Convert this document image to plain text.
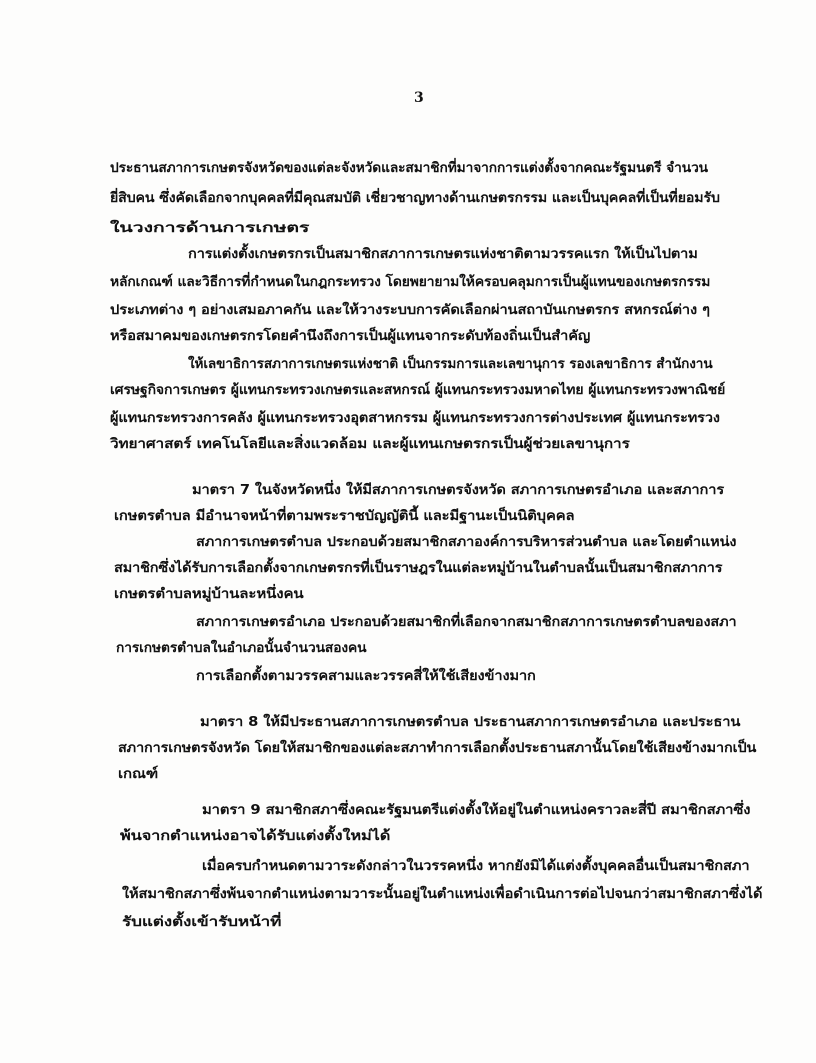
3
ประธานสภาการเกษตรจังหวัดของแต่ละจังหวัดและสมาชิกที่มาจากการแต่งตั้งจากคณะรัฐมนตรี จำนวน
ยี่สิบคน ซึ่งคัดเลือกจากบุคคลที่มีคุณสมบัติ เชี่ยวชาญทางด้านเกษตรกรรม และเป็นบุคคลที่เป็นที่ยอมรับ
ในวงการด้านการเกษตร
การแต่งตั้งเกษตรกรเป็นสมาชิกสภาการเกษตรแห่งชาติตามวรรคแรก ให้เป็นไปตาม
หลักเกณฑ์ และวิธีการที่กำหนดในกฎกระทรวง โดยพยายามให้ครอบคลุมการเป็นผู้แทนของเกษตรกรรม
ประเภทต่าง ๆ อย่างเสมอภาคกัน และให้วางระบบการคัดเลือกผ่านสถาบันเกษตรกร สหกรณ์ต่าง ๆ
หรือสมาคมของเกษตรกรโดยคำนึงถึงการเป็นผู้แทนจากระดับท้องถิ่นเป็นสำคัญ
ให้เลขาธิการสภาการเกษตรแห่งชาติ เป็นกรรมการและเลขานุการ รองเลขาธิการ สำนักงาน
เศรษฐกิจการเกษตร ผู้แทนกระทรวงเกษตรและสหกรณ์ ผู้แทนกระทรวงมหาดไทย ผู้แทนกระทรวงพาณิชย์
ผู้แทนกระทรวงการคลัง ผู้แทนกระทรวงอุตสาหกรรม ผู้แทนกระทรวงการต่างประเทศ ผู้แทนกระทรวง
วิทยาศาสตร์ เทคโนโลยีและสิ่งแวดล้อม และผู้แทนเกษตรกรเป็นผู้ช่วยเลขานุการ
มาตรา 7 ในจังหวัดหนึ่ง ให้มีสภาการเกษตรจังหวัด สภาการเกษตรอำเภอ และสภาการ
เกษตรตำบล มีอำนาจหน้าที่ตามพระราชบัญญัตินี้ และมีฐานะเป็นนิติบุคคล
สภาการเกษตรตำบล ประกอบด้วยสมาชิกสภาองค์การบริหารส่วนตำบล และโดยตำแหน่ง
สมาชิกซึ่งได้รับการเลือกตั้งจากเกษตรกรที่เป็นราษฎรในแต่ละหมู่บ้านในตำบลนั้นเป็นสมาชิกสภาการ
เกษตรตำบลหมู่บ้านละหนึ่งคน
สภาการเกษตรอำเภอ ประกอบด้วยสมาชิกที่เลือกจากสมาชิกสภาการเกษตรตำบลของสภา
การเกษตรตำบลในอำเภอนั้นจำนวนสองคน
การเลือกตั้งตามวรรคสามและวรรคสี่ให้ใช้เสียงข้างมาก
มาตรา 8 ให้มีประธานสภาการเกษตรตำบล ประธานสภาการเกษตรอำเภอ และประธาน
สภาการเกษตรจังหวัด โดยให้สมาชิกของแต่ละสภาทำการเลือกตั้งประธานสภานั้นโดยใช้เสียงข้างมากเป็น
เกณฑ์
มาตรา 9 สมาชิกสภาซึ่งคณะรัฐมนตรีแต่งตั้งให้อยู่ในตำแหน่งคราวละสี่ปี สมาชิกสภาซึ่ง
พ้นจากตำแหน่งอาจได้รับแต่งตั้งใหม่ได้
เมื่อครบกำหนดตามวาระดังกล่าวในวรรคหนึ่ง หากยังมิได้แต่งตั้งบุคคลอื่นเป็นสมาชิกสภา
ให้สมาชิกสภาซึ่งพ้นจากตำแหน่งตามวาระนั้นอยู่ในตำแหน่งเพื่อดำเนินการต่อไปจนกว่าสมาชิกสภาซึ่งได้
รับแต่งตั้งเข้ารับหน้าที่
